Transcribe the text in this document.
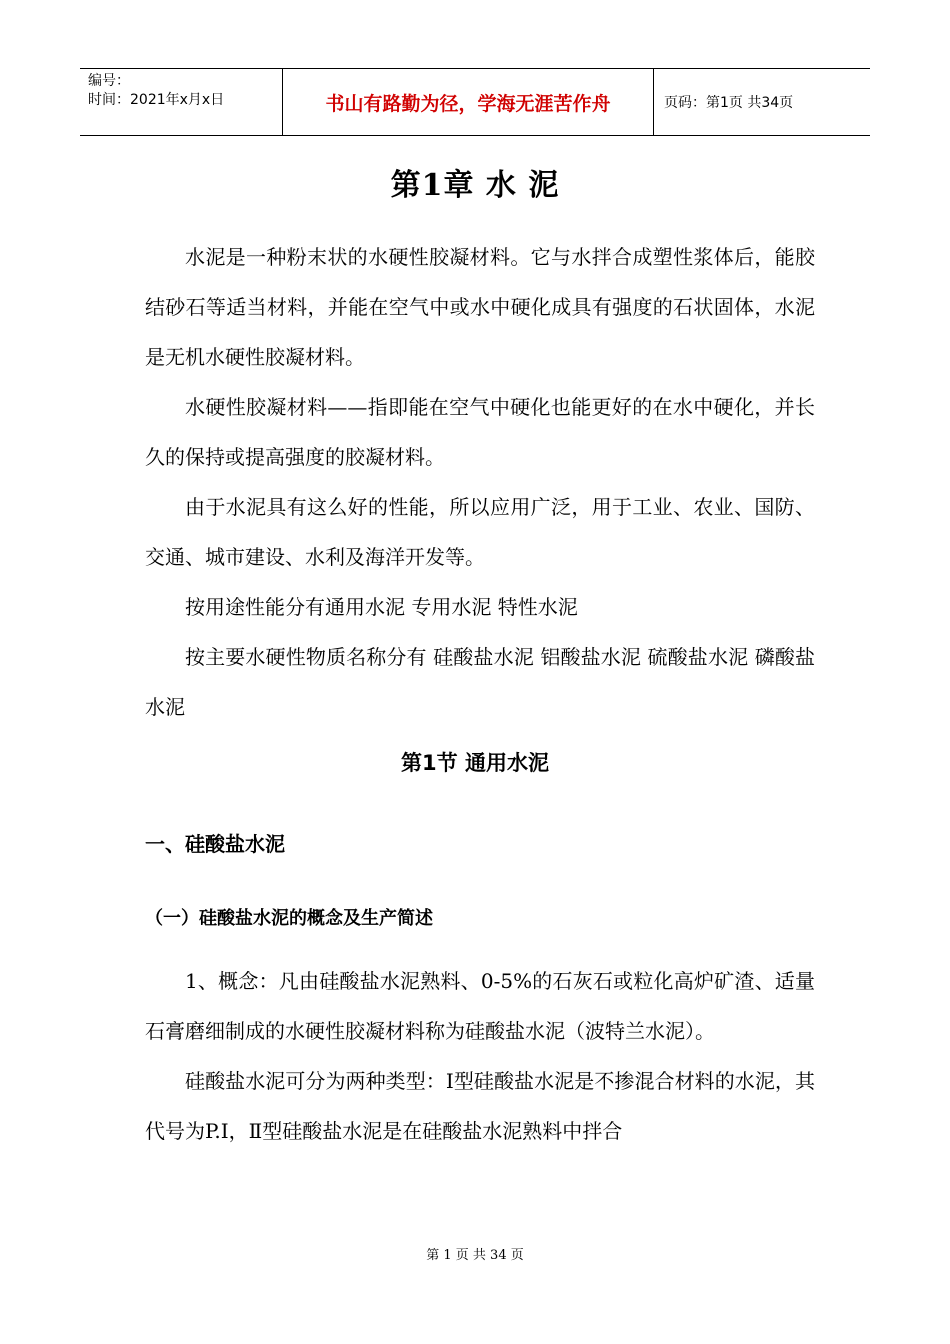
编号：
时间：2021年x月x日	书山有路勤为径，学海无涯苦作舟	页码：第1页 共34页
第1章 水 泥

水泥是一种粉末状的水硬性胶凝材料。它与水拌合成塑性浆体后，能胶结砂石等适当材料，并能在空气中或水中硬化成具有强度的石状固体，水泥是无机水硬性胶凝材料。

水硬性胶凝材料——指即能在空气中硬化也能更好的在水中硬化，并长久的保持或提高强度的胶凝材料。

由于水泥具有这么好的性能，所以应用广泛，用于工业、农业、国防、交通、城市建设、水利及海洋开发等。

按用途性能分有通用水泥 专用水泥 特性水泥

按主要水硬性物质名称分有 硅酸盐水泥 铝酸盐水泥 硫酸盐水泥 磷酸盐水泥

第1节 通用水泥
一、硅酸盐水泥
（一）硅酸盐水泥的概念及生产简述

1、概念：凡由硅酸盐水泥熟料、0-5%的石灰石或粒化高炉矿渣、适量石膏磨细制成的水硬性胶凝材料称为硅酸盐水泥（波特兰水泥）。

硅酸盐水泥可分为两种类型：Ⅰ型硅酸盐水泥是不掺混合材料的水泥，其代号为P.I，Ⅱ型硅酸盐水泥是在硅酸盐水泥熟料中拌合

第 1 页 共 34 页
